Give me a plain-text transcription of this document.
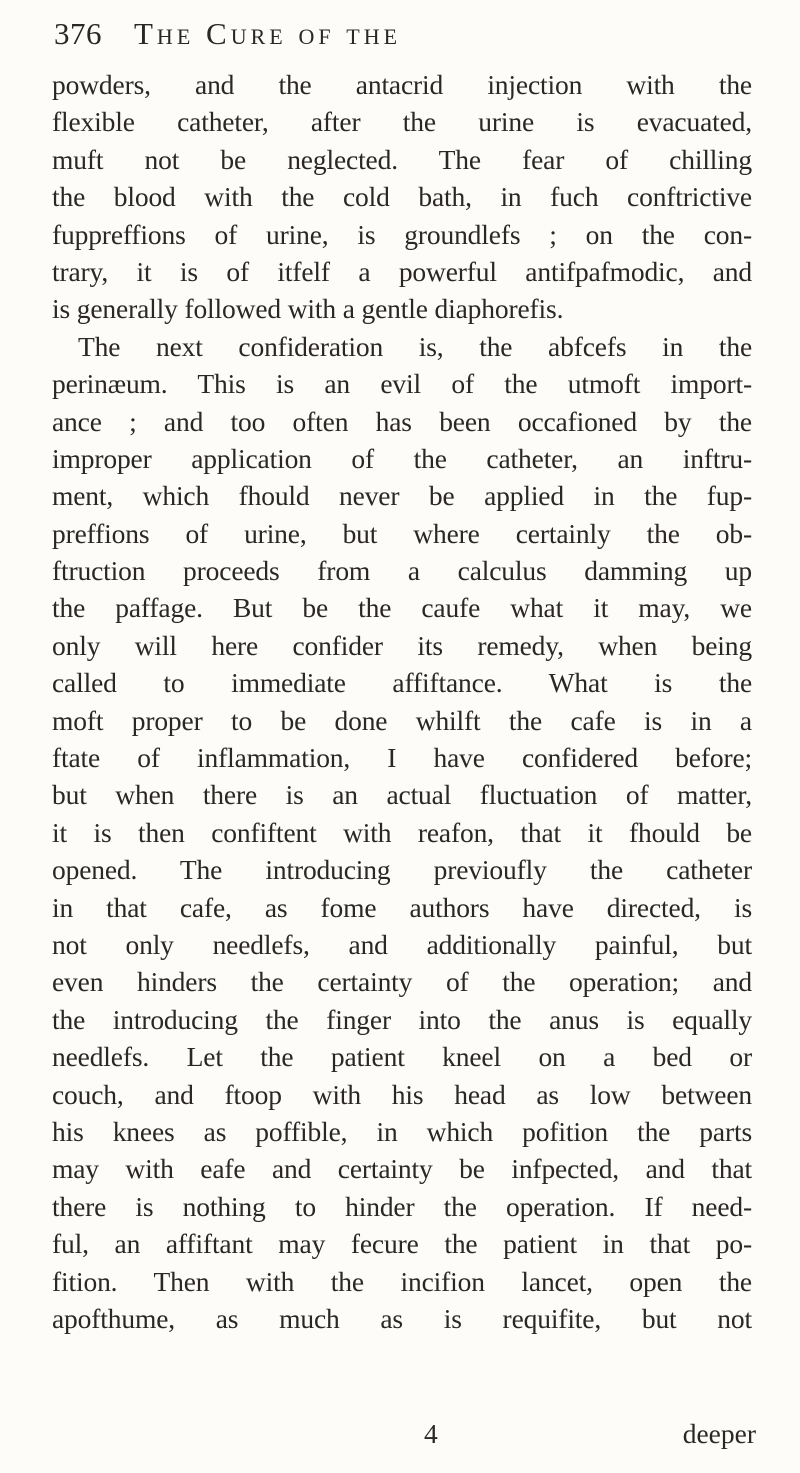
376 The Cure of the
powders, and the antacrid injection with the
flexible catheter, after the urine is evacuated,
muft not be neglected. The fear of chilling
the blood with the cold bath, in fuch conftrictive
fuppreffions of urine, is groundlefs ; on the con-
trary, it is of itfelf a powerful antifpafmodic, and
is generally followed with a gentle diaphorefis.
The next confideration is, the abfcefs in the
perinæum. This is an evil of the utmoft import-
ance ; and too often has been occafioned by the
improper application of the catheter, an inftru-
ment, which fhould never be applied in the fup-
preffions of urine, but where certainly the ob-
ftruction proceeds from a calculus damming up
the paffage. But be the caufe what it may, we
only will here confider its remedy, when being
called to immediate affiftance. What is the
moft proper to be done whilft the cafe is in a
ftate of inflammation, I have confidered before;
but when there is an actual fluctuation of matter,
it is then confiftent with reafon, that it fhould be
opened. The introducing previoufly the catheter
in that cafe, as fome authors have directed, is
not only needlefs, and additionally painful, but
even hinders the certainty of the operation; and
the introducing the finger into the anus is equally
needlefs. Let the patient kneel on a bed or
couch, and ftoop with his head as low between
his knees as poffible, in which pofition the parts
may with eafe and certainty be infpected, and that
there is nothing to hinder the operation. If need-
ful, an affiftant may fecure the patient in that po-
fition. Then with the incifion lancet, open the
apofthume, as much as is requifite, but not
4	deeper
